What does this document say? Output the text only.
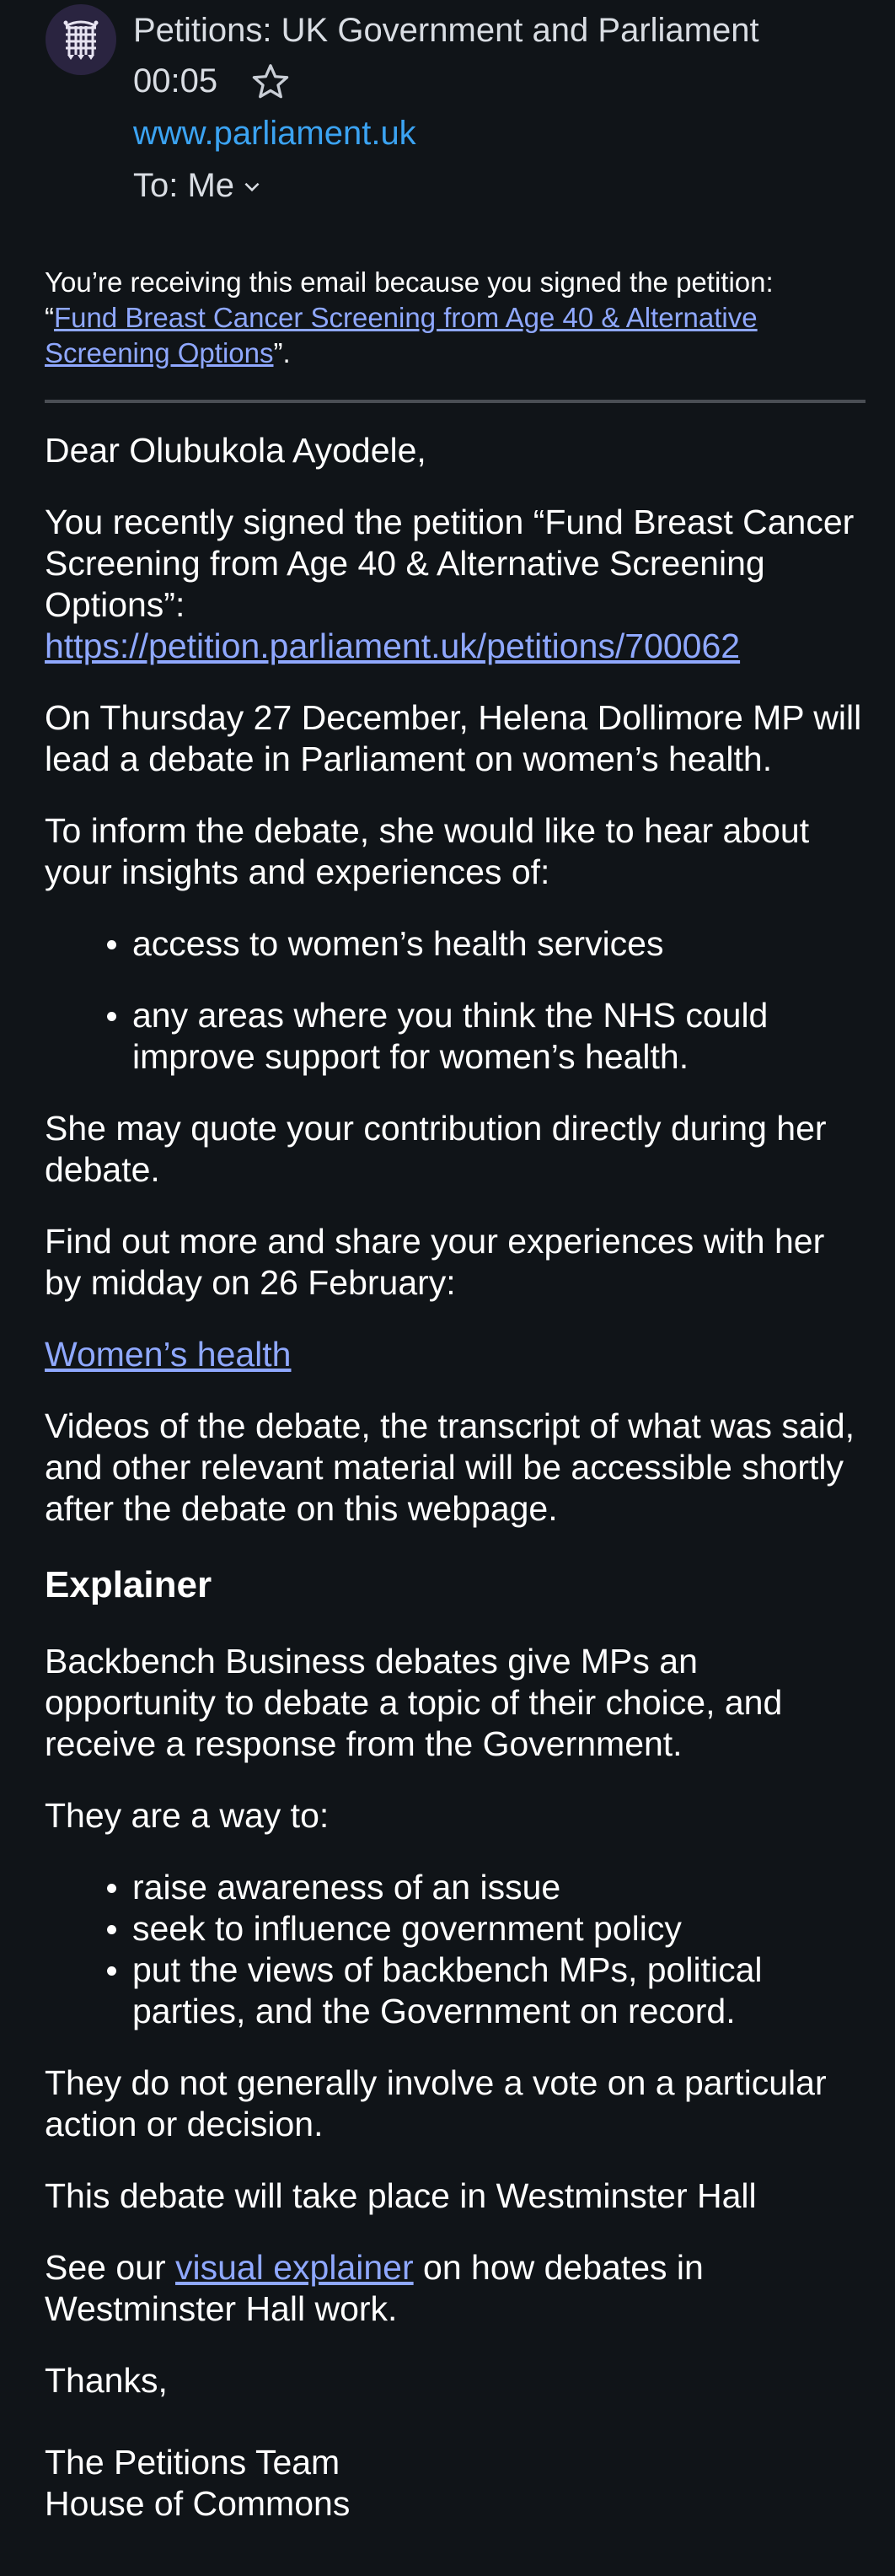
Petitions: UK Government and Parliament
00:05
www.parliament.uk
To: Me
You’re receiving this email because you signed the petition:
“Fund Breast Cancer Screening from Age 40 & Alternative Screening Options”.

Dear Olubukola Ayodele,

You recently signed the petition “Fund Breast Cancer Screening from Age 40 & Alternative Screening Options”:
https://petition.parliament.uk/petitions/700062

On Thursday 27 December, Helena Dollimore MP will lead a debate in Parliament on women’s health.

To inform the debate, she would like to hear about your insights and experiences of:

access to women’s health services
any areas where you think the NHS could improve support for women’s health.

She may quote your contribution directly during her debate.

Find out more and share your experiences with her by midday on 26 February:

Women’s health

Videos of the debate, the transcript of what was said, and other relevant material will be accessible shortly after the debate on this webpage.

Explainer

Backbench Business debates give MPs an opportunity to debate a topic of their choice, and receive a response from the Government.

They are a way to:

raise awareness of an issue
seek to influence government policy
put the views of backbench MPs, political parties, and the Government on record.

They do not generally involve a vote on a particular action or decision.

This debate will take place in Westminster Hall

See our visual explainer on how debates in Westminster Hall work.

Thanks,

The Petitions Team
House of Commons
